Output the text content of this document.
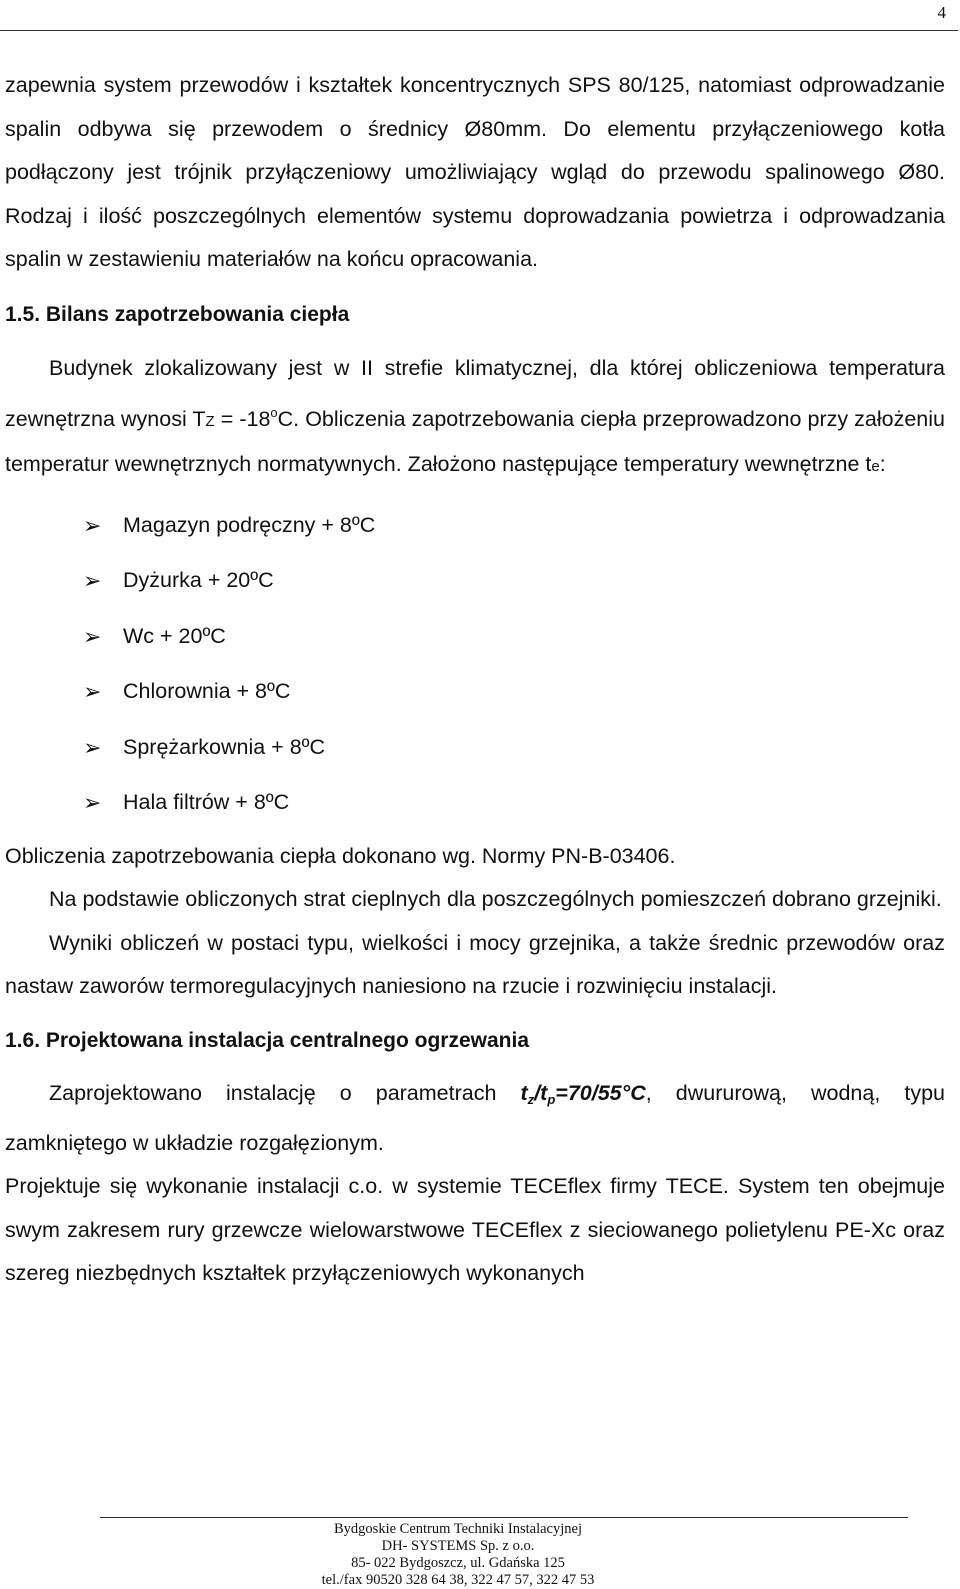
4

zapewnia system przewodów i kształtek koncentrycznych SPS 80/125, natomiast odprowadzanie spalin odbywa się przewodem o średnicy Ø80mm. Do elementu przyłączeniowego kotła podłączony jest trójnik przyłączeniowy umożliwiający wgląd do przewodu spalinowego Ø80. Rodzaj i ilość poszczególnych elementów systemu doprowadzania powietrza i odprowadzania spalin w zestawieniu materiałów na końcu opracowania.

1.5. Bilans zapotrzebowania ciepła

Budynek zlokalizowany jest w II strefie klimatycznej, dla której obliczeniowa temperatura zewnętrzna wynosi TZ = $-18^oC$. Obliczenia zapotrzebowania ciepła przeprowadzono przy założeniu temperatur wewnętrznych normatywnych. Założono następujące temperatury wewnętrzne te:

➢ Magazyn podręczny + 8ºC
➢ Dyżurka + 20ºC
➢ Wc + 20ºC
➢ Chlorownia + 8ºC
➢ Sprężarkownia + 8ºC
➢ Hala filtrów + 8ºC

Obliczenia zapotrzebowania ciepła dokonano wg. Normy PN-B-03406.

Na podstawie obliczonych strat cieplnych dla poszczególnych pomieszczeń dobrano grzejniki.

Wyniki obliczeń w postaci typu, wielkości i mocy grzejnika, a także średnic przewodów oraz nastaw zaworów termoregulacyjnych naniesiono na rzucie i rozwinięciu instalacji.

1.6. Projektowana instalacja centralnego ogrzewania

Zaprojektowano instalację o parametrach tz/tp=70/55°C, dwururową, wodną, typu zamkniętego w układzie rozgałęzionym.

Projektuje się wykonanie instalacji c.o. w systemie TECEflex firmy TECE. System ten obejmuje swym zakresem rury grzewcze wielowarstwowe TECEflex z sieciowanego polietylenu PE-Xc oraz szereg niezbędnych kształtek przyłączeniowych wykonanych

Bydgoskie Centrum Techniki Instalacyjnej
DH- SYSTEMS Sp. z o.o.
85- 022 Bydgoszcz, ul. Gdańska 125
tel./fax 90520 328 64 38, 322 47 57, 322 47 53
